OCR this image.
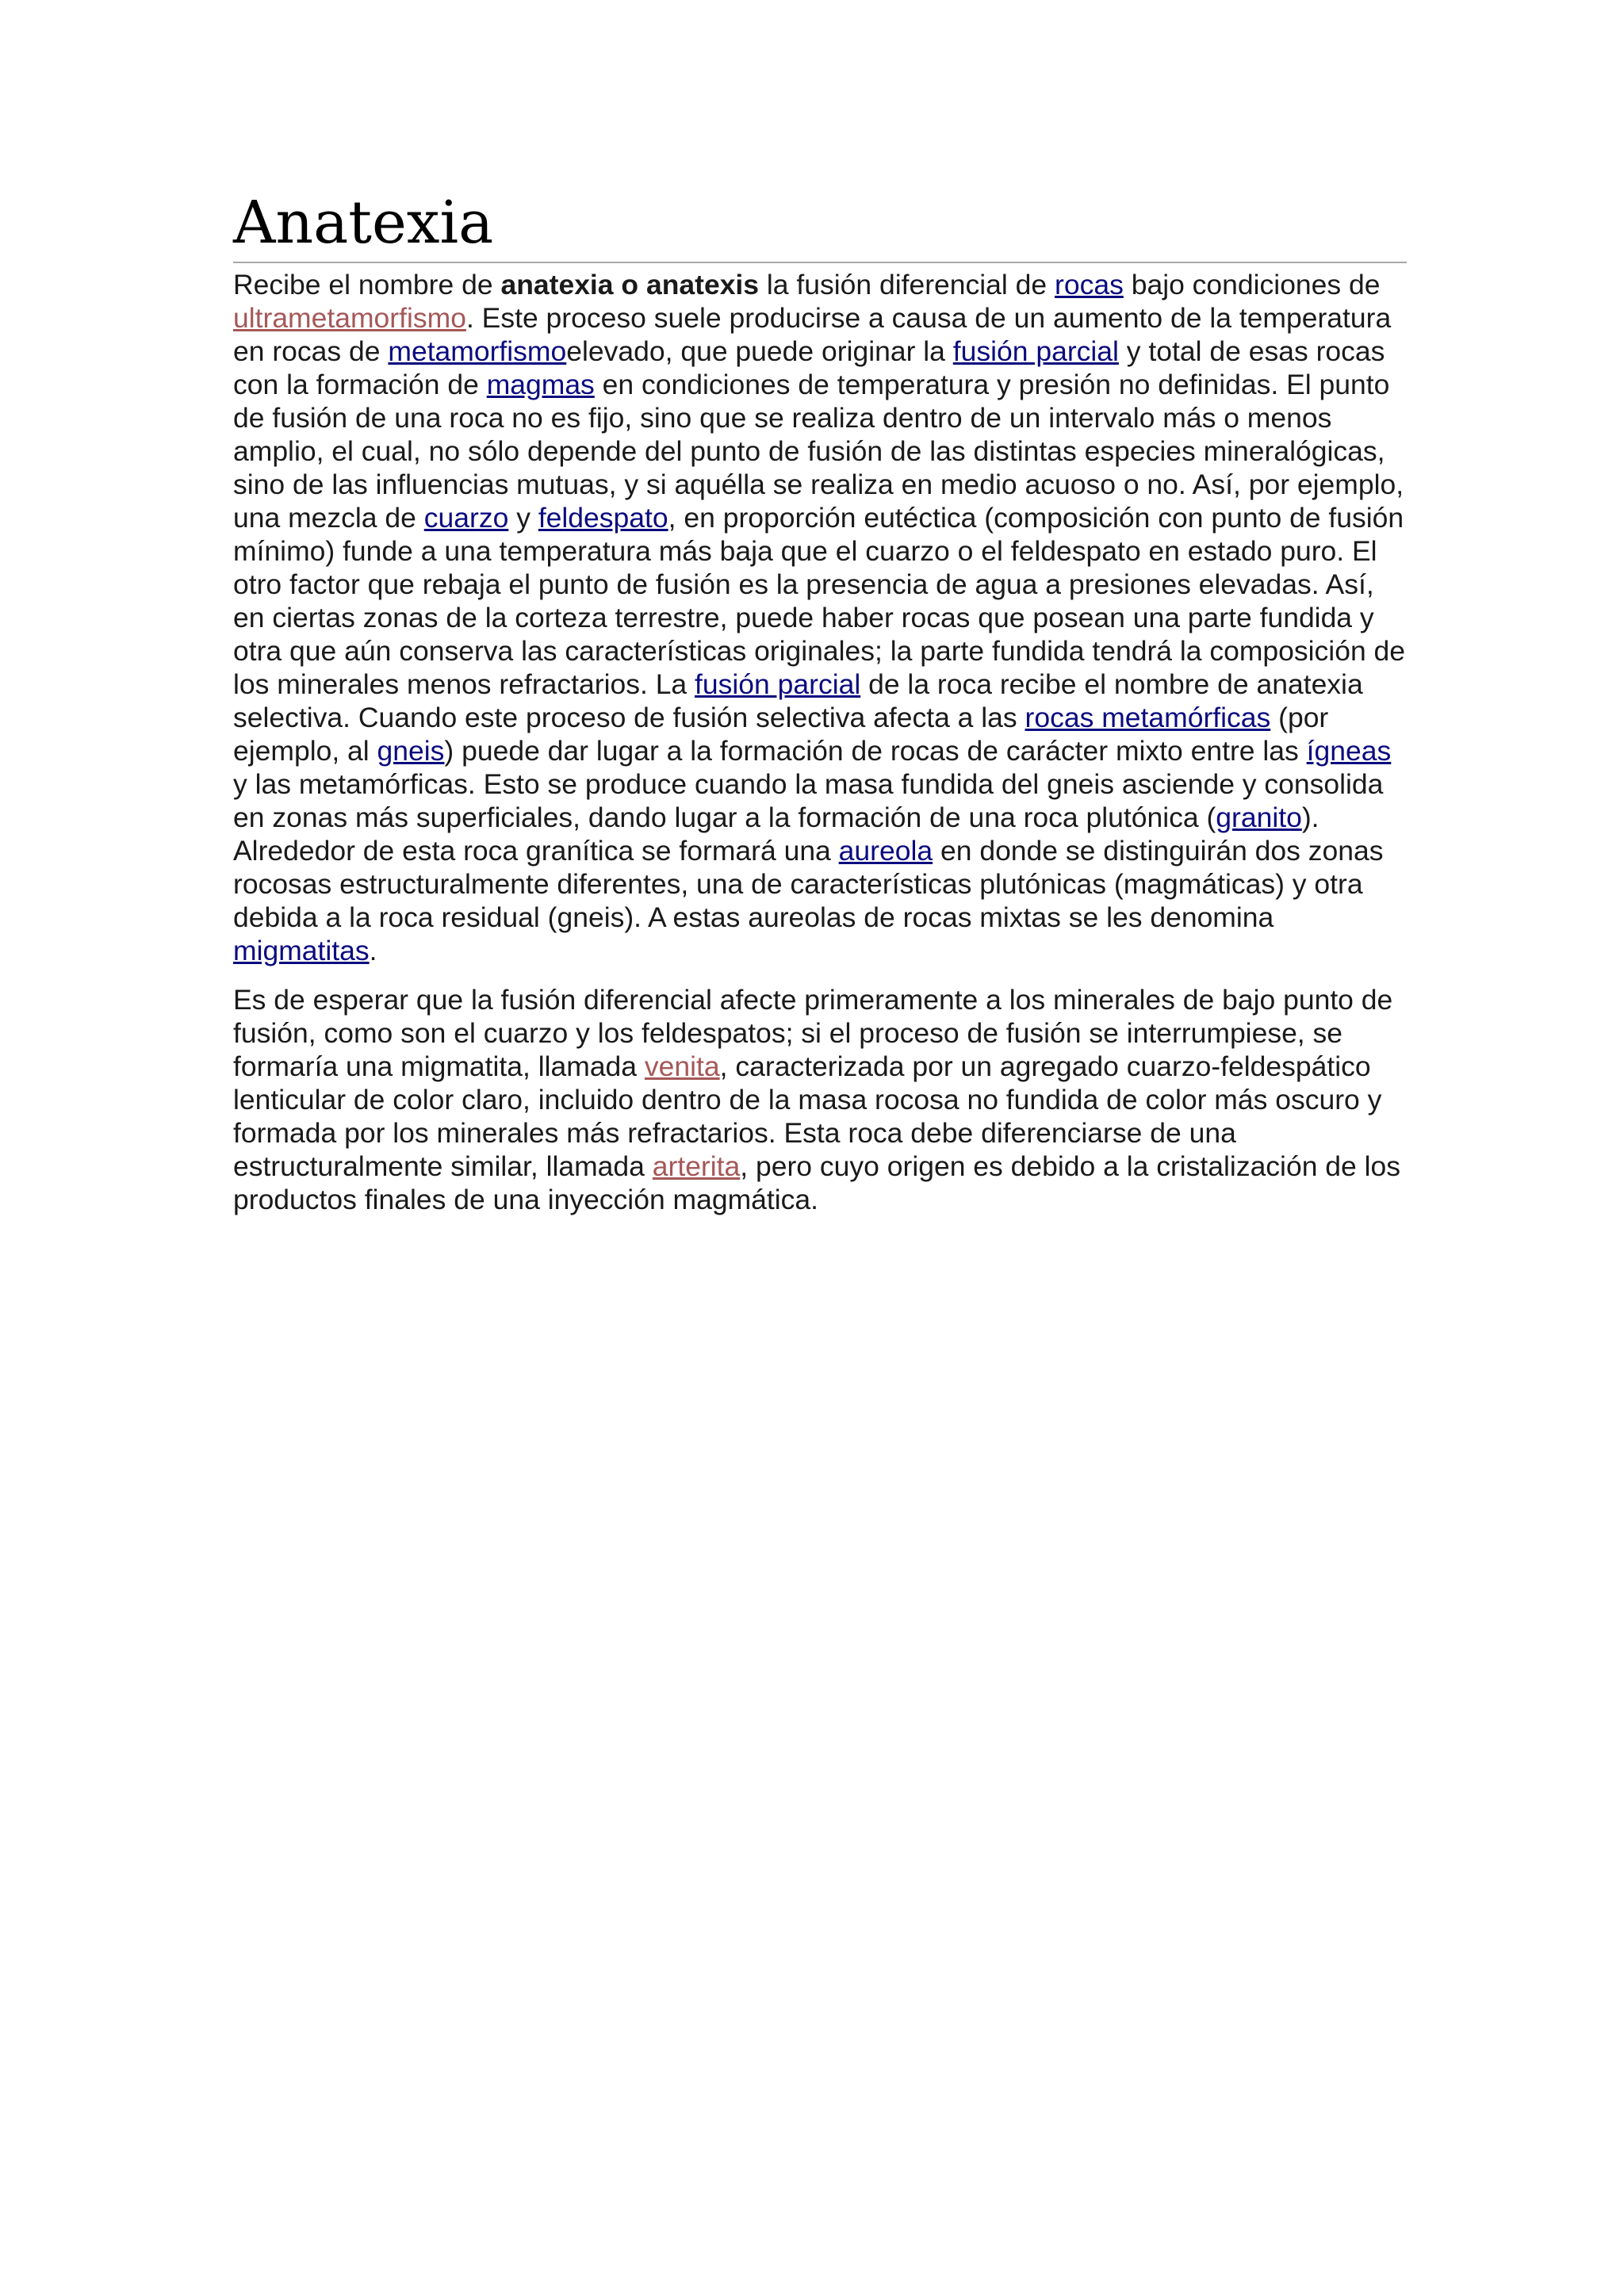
Anatexia

Recibe el nombre de anatexia o anatexis la fusión diferencial de rocas bajo condiciones de ultrametamorfismo. Este proceso suele producirse a causa de un aumento de la temperatura en rocas de metamorfismoelevado, que puede originar la fusión parcial y total de esas rocas con la formación de magmas en condiciones de temperatura y presión no definidas. El punto de fusión de una roca no es fijo, sino que se realiza dentro de un intervalo más o menos amplio, el cual, no sólo depende del punto de fusión de las distintas especies mineralógicas, sino de las influencias mutuas, y si aquélla se realiza en medio acuoso o no. Así, por ejemplo, una mezcla de cuarzo y feldespato, en proporción eutéctica (composición con punto de fusión mínimo) funde a una temperatura más baja que el cuarzo o el feldespato en estado puro. El otro factor que rebaja el punto de fusión es la presencia de agua a presiones elevadas. Así, en ciertas zonas de la corteza terrestre, puede haber rocas que posean una parte fundida y otra que aún conserva las características originales; la parte fundida tendrá la composición de los minerales menos refractarios. La fusión parcial de la roca recibe el nombre de anatexia selectiva. Cuando este proceso de fusión selectiva afecta a las rocas metamórficas (por ejemplo, al gneis) puede dar lugar a la formación de rocas de carácter mixto entre las ígneas y las metamórficas. Esto se produce cuando la masa fundida del gneis asciende y consolida en zonas más superficiales, dando lugar a la formación de una roca plutónica (granito). Alrededor de esta roca granítica se formará una aureola en donde se distinguirán dos zonas rocosas estructuralmente diferentes, una de características plutónicas (magmáticas) y otra debida a la roca residual (gneis). A estas aureolas de rocas mixtas se les denomina migmatitas.

Es de esperar que la fusión diferencial afecte primeramente a los minerales de bajo punto de fusión, como son el cuarzo y los feldespatos; si el proceso de fusión se interrumpiese, se formaría una migmatita, llamada venita, caracterizada por un agregado cuarzo-feldespático lenticular de color claro, incluido dentro de la masa rocosa no fundida de color más oscuro y formada por los minerales más refractarios. Esta roca debe diferenciarse de una estructuralmente similar, llamada arterita, pero cuyo origen es debido a la cristalización de los productos finales de una inyección magmática.
